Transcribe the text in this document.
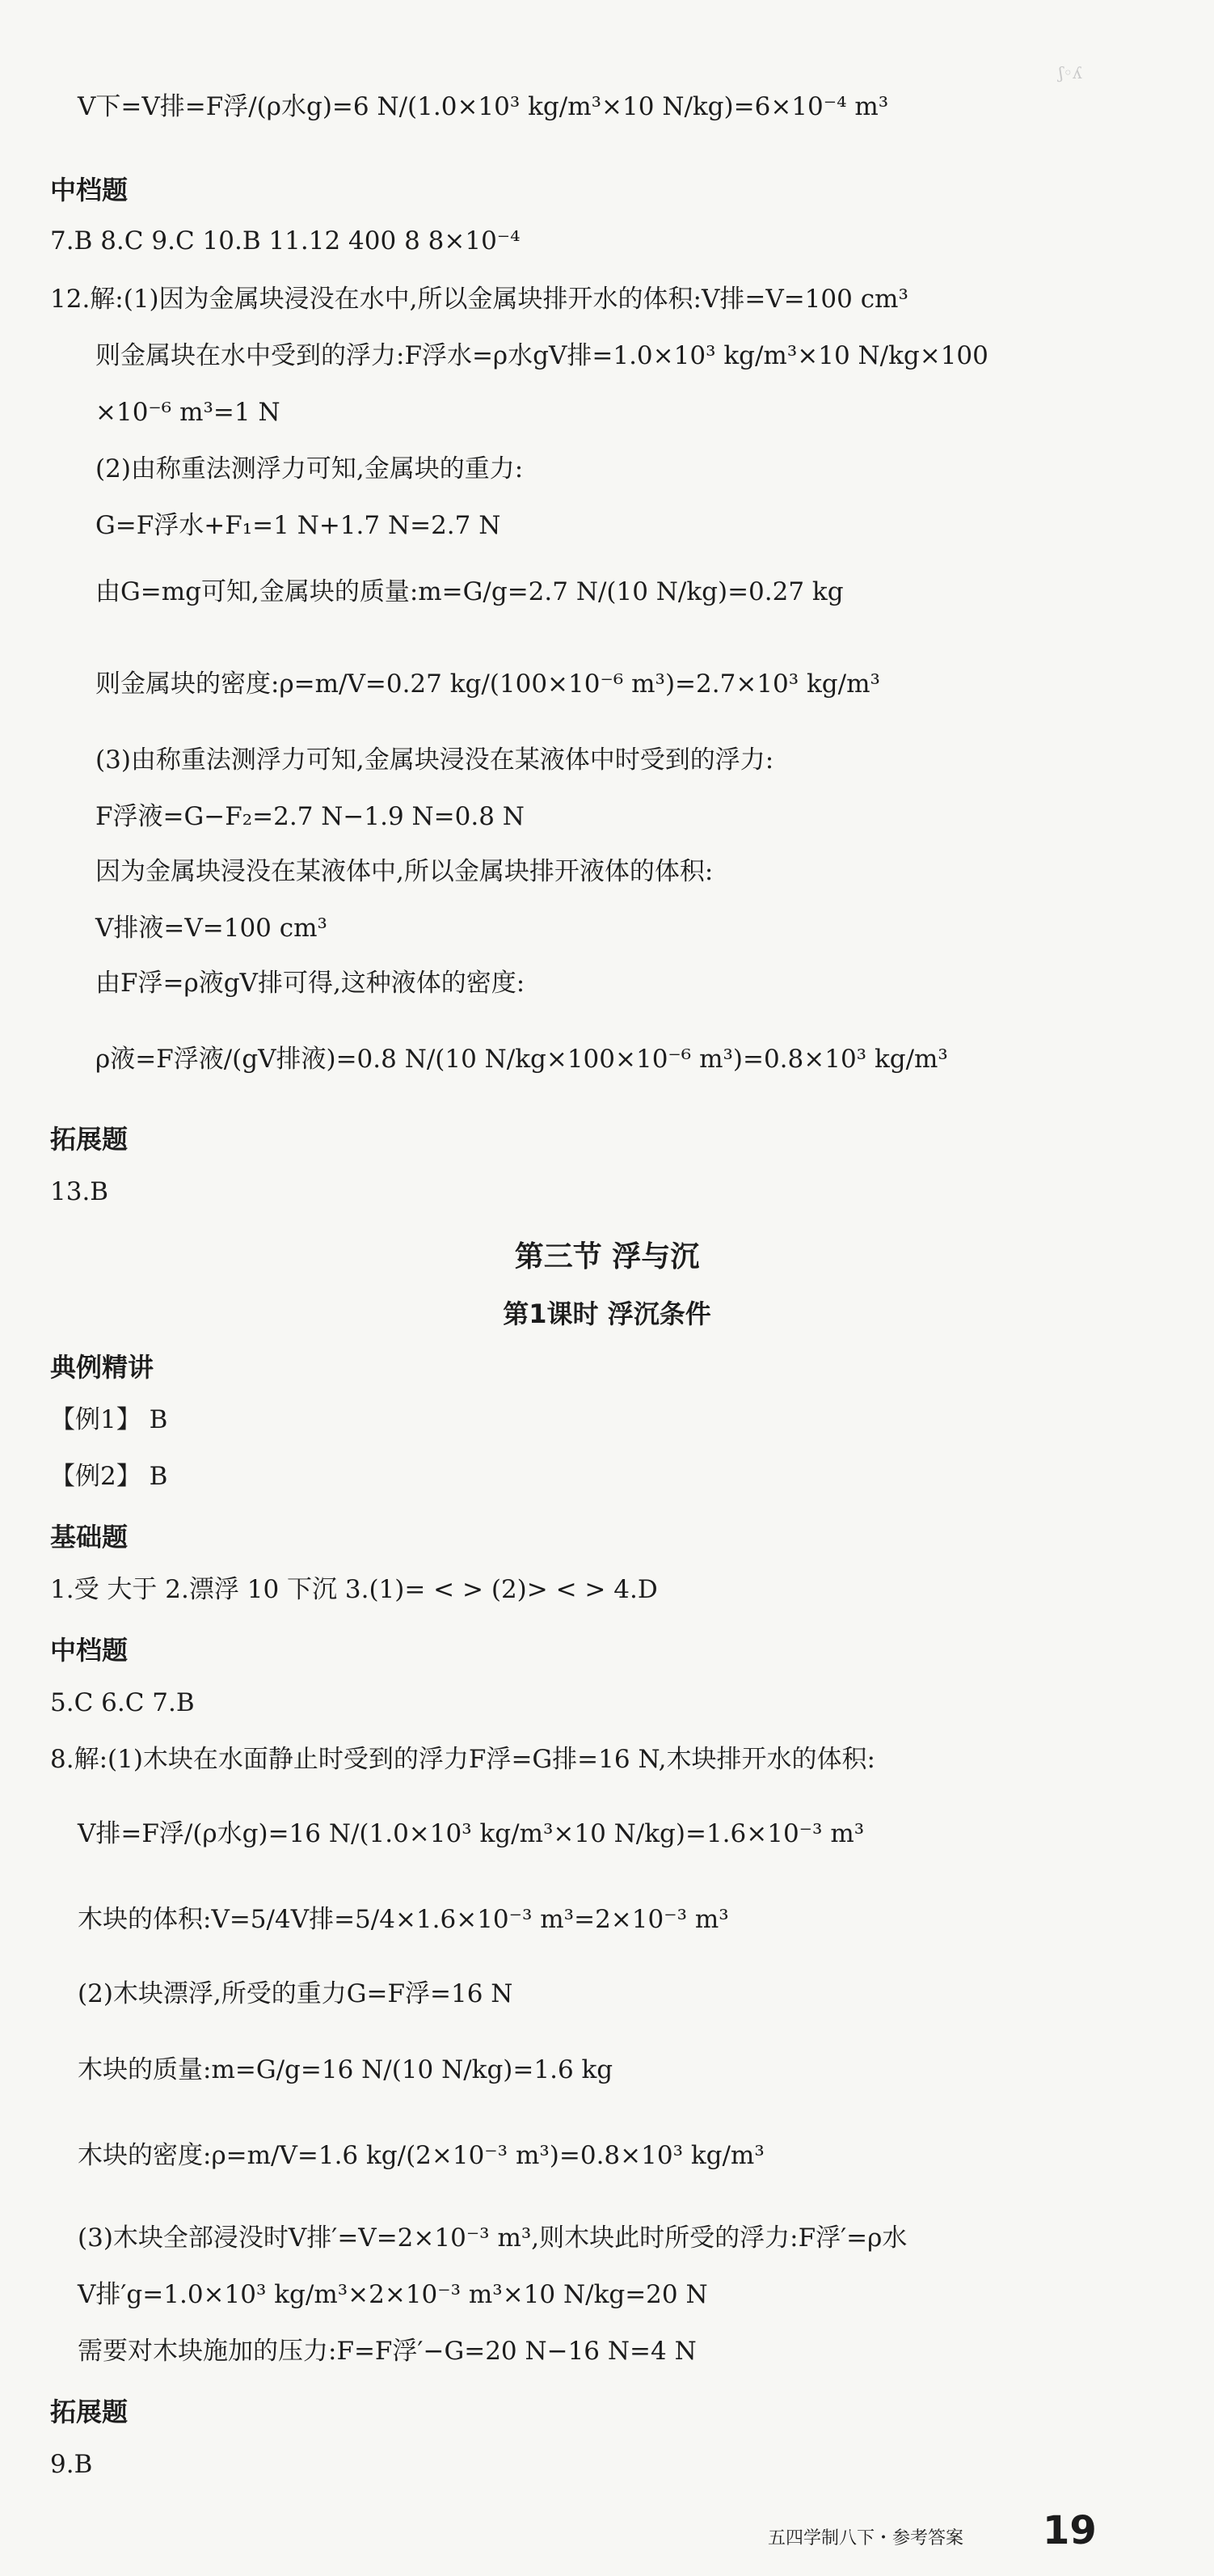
ʃ◦ʎ
V下=V排=F浮/(ρ水g)=6 N/(1.0×10³ kg/m³×10 N/kg)=6×10⁻⁴ m³
中档题
7.B 8.C 9.C 10.B 11.12 400 8 8×10⁻⁴
12.解:(1)因为金属块浸没在水中,所以金属块排开水的体积:V排=V=100 cm³
则金属块在水中受到的浮力:F浮水=ρ水gV排=1.0×10³ kg/m³×10 N/kg×100
×10⁻⁶ m³=1 N
(2)由称重法测浮力可知,金属块的重力:
G=F浮水+F₁=1 N+1.7 N=2.7 N
由G=mg可知,金属块的质量:m=G/g=2.7 N/(10 N/kg)=0.27 kg
则金属块的密度:ρ=m/V=0.27 kg/(100×10⁻⁶ m³)=2.7×10³ kg/m³
(3)由称重法测浮力可知,金属块浸没在某液体中时受到的浮力:
F浮液=G−F₂=2.7 N−1.9 N=0.8 N
因为金属块浸没在某液体中,所以金属块排开液体的体积:
V排液=V=100 cm³
由F浮=ρ液gV排可得,这种液体的密度:
ρ液=F浮液/(gV排液)=0.8 N/(10 N/kg×100×10⁻⁶ m³)=0.8×10³ kg/m³
拓展题
13.B
第三节 浮与沉
第1课时 浮沉条件
典例精讲
【例1】 B
【例2】 B
基础题
1.受 大于 2.漂浮 10 下沉 3.(1)= < > (2)> < > 4.D
中档题
5.C 6.C 7.B
8.解:(1)木块在水面静止时受到的浮力F浮=G排=16 N,木块排开水的体积:
V排=F浮/(ρ水g)=16 N/(1.0×10³ kg/m³×10 N/kg)=1.6×10⁻³ m³
木块的体积:V=5/4V排=5/4×1.6×10⁻³ m³=2×10⁻³ m³
(2)木块漂浮,所受的重力G=F浮=16 N
木块的质量:m=G/g=16 N/(10 N/kg)=1.6 kg
木块的密度:ρ=m/V=1.6 kg/(2×10⁻³ m³)=0.8×10³ kg/m³
(3)木块全部浸没时V排′=V=2×10⁻³ m³,则木块此时所受的浮力:F浮′=ρ水
V排′g=1.0×10³ kg/m³×2×10⁻³ m³×10 N/kg=20 N
需要对木块施加的压力:F=F浮′−G=20 N−16 N=4 N
拓展题
9.B
五四学制八下・参考答案 19
